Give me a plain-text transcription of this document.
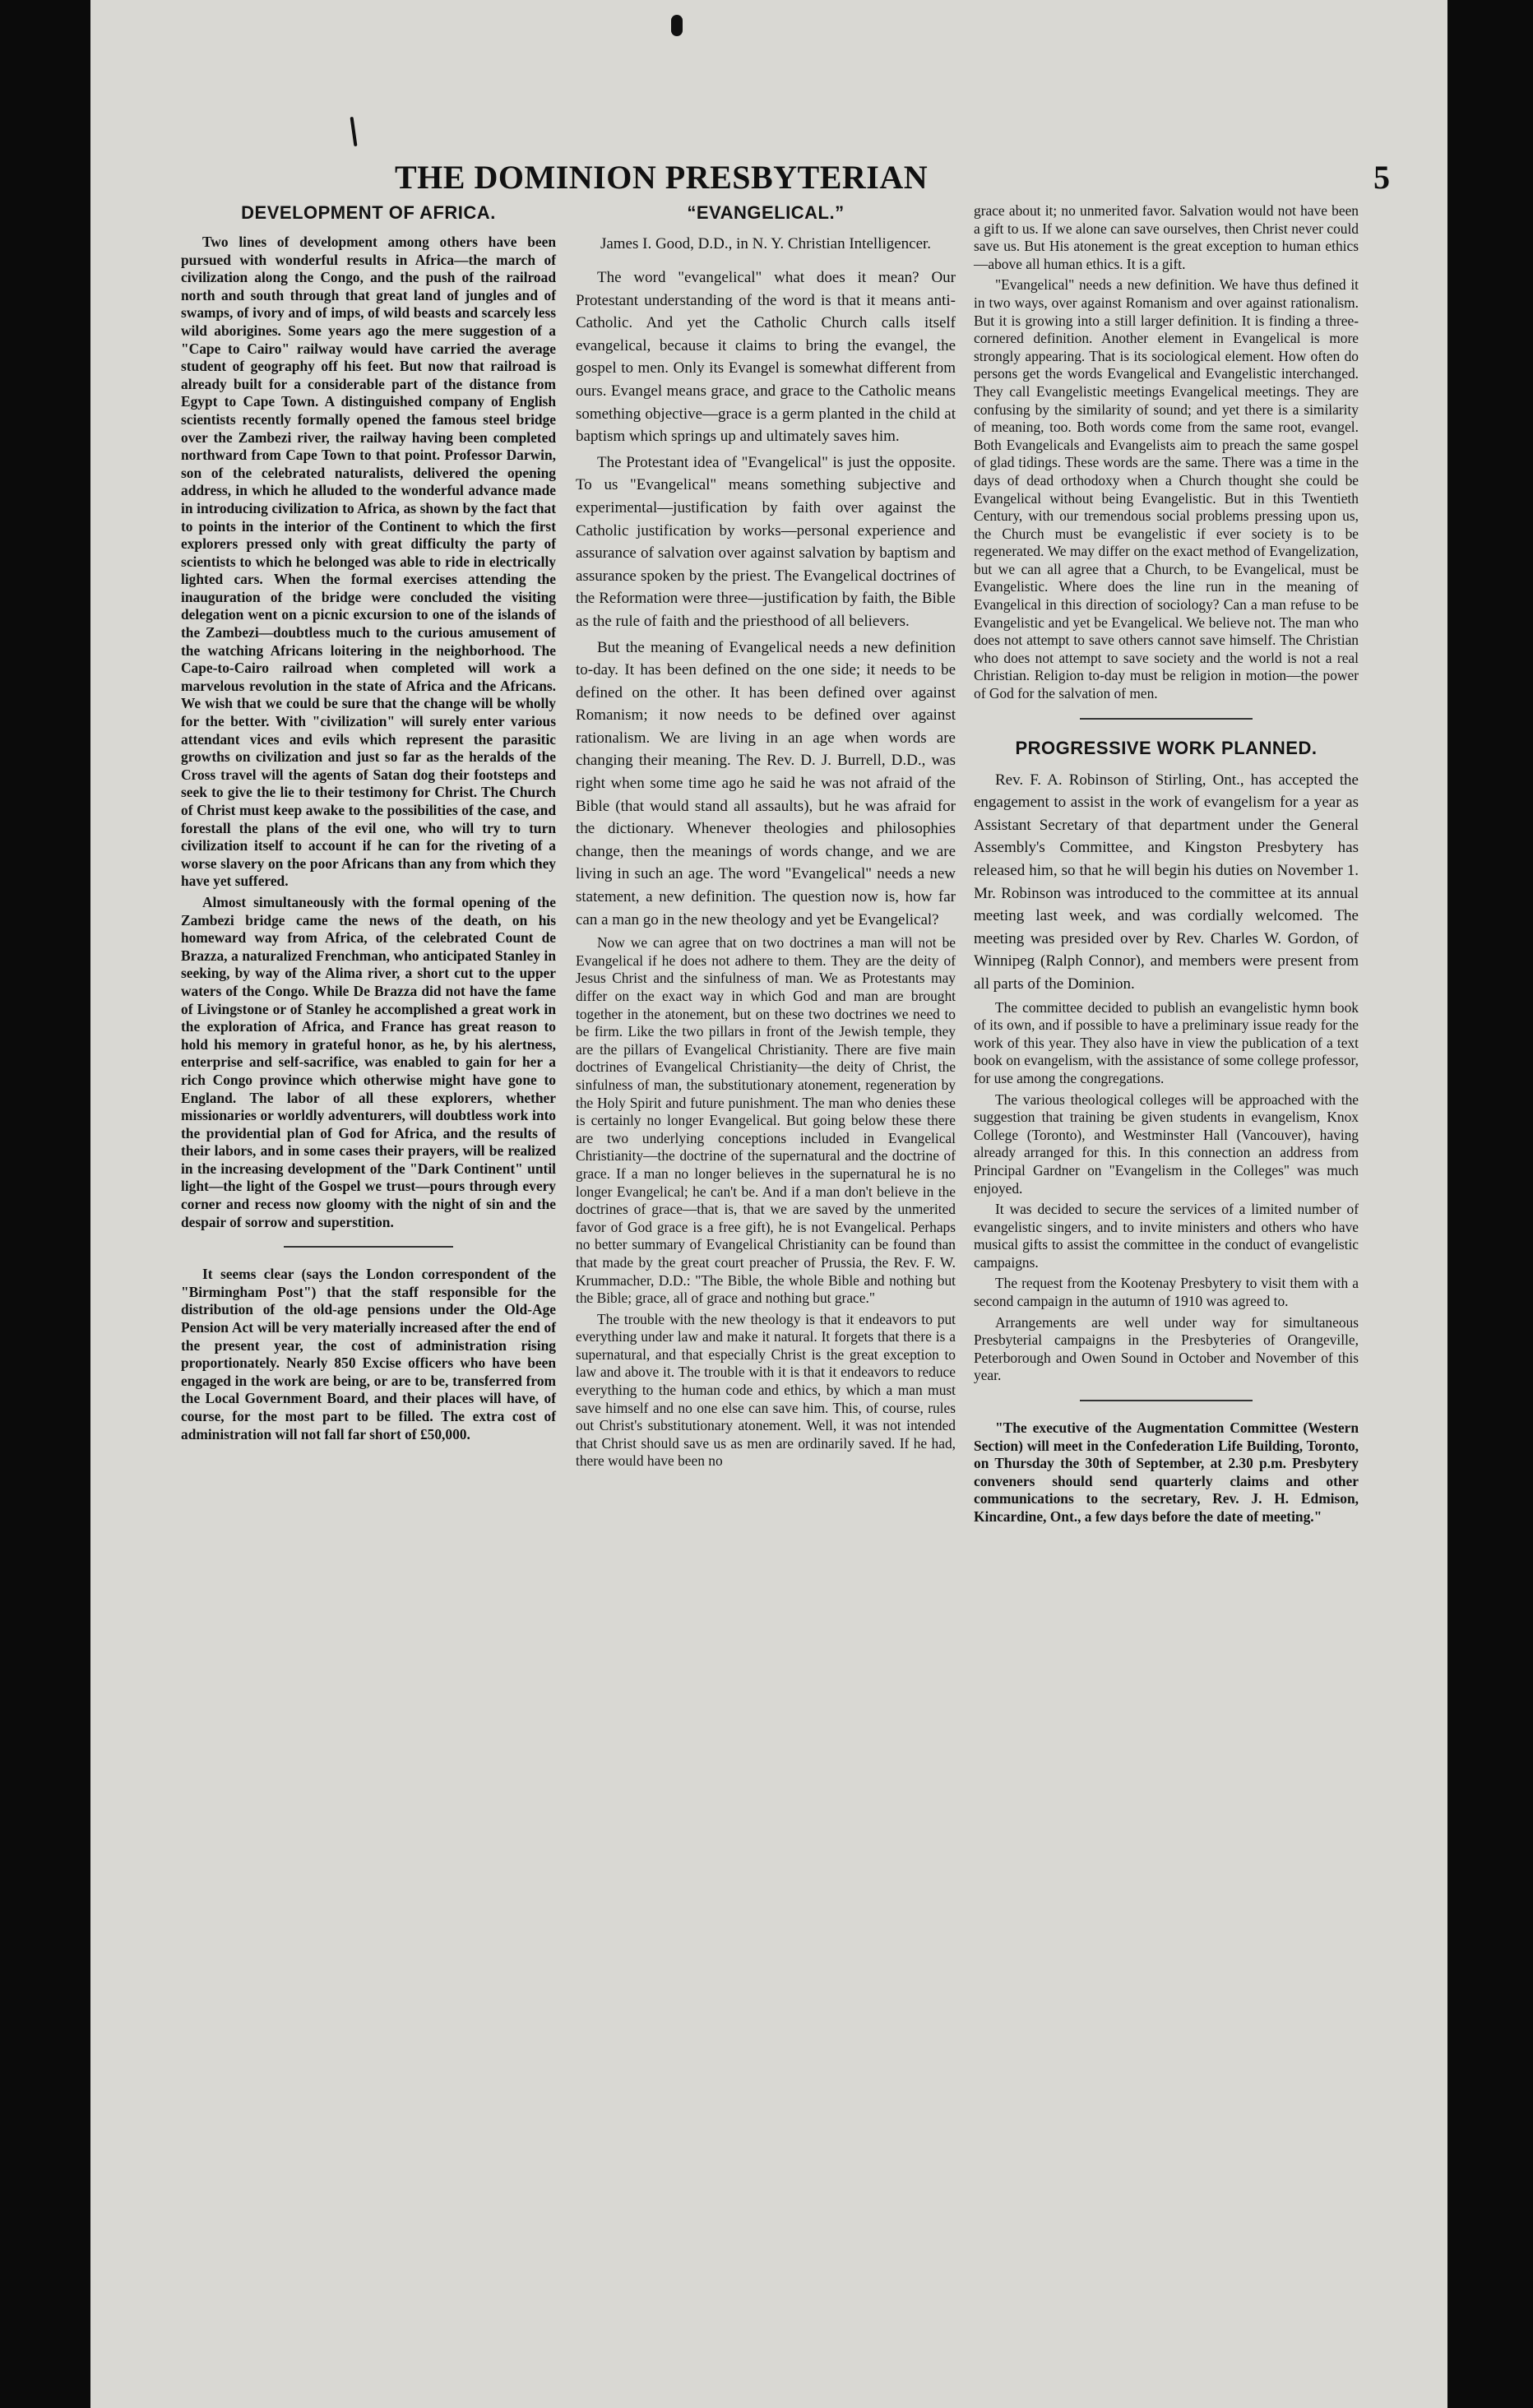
THE DOMINION PRESBYTERIAN	5
DEVELOPMENT OF AFRICA.

Two lines of development among others have been pursued with wonderful results in Africa—the march of civilization along the Congo, and the push of the railroad north and south through that great land of jungles and of swamps, of ivory and of imps, of wild beasts and scarcely less wild aborigines. Some years ago the mere suggestion of a "Cape to Cairo" railway would have carried the average student of geography off his feet. But now that railroad is already built for a considerable part of the distance from Egypt to Cape Town. A distinguished company of English scientists recently formally opened the famous steel bridge over the Zambezi river, the railway having been completed northward from Cape Town to that point. Professor Darwin, son of the celebrated naturalists, delivered the opening address, in which he alluded to the wonderful advance made in introducing civilization to Africa, as shown by the fact that to points in the interior of the Continent to which the first explorers pressed only with great difficulty the party of scientists to which he belonged was able to ride in electrically lighted cars. When the formal exercises attending the inauguration of the bridge were concluded the visiting delegation went on a picnic excursion to one of the islands of the Zambezi—doubtless much to the curious amusement of the watching Africans loitering in the neighborhood. The Cape-to-Cairo railroad when completed will work a marvelous revolution in the state of Africa and the Africans. We wish that we could be sure that the change will be wholly for the better. With "civilization" will surely enter various attendant vices and evils which represent the parasitic growths on civilization and just so far as the heralds of the Cross travel will the agents of Satan dog their footsteps and seek to give the lie to their testimony for Christ. The Church of Christ must keep awake to the possibilities of the case, and forestall the plans of the evil one, who will try to turn civilization itself to account if he can for the riveting of a worse slavery on the poor Africans than any from which they have yet suffered.

Almost simultaneously with the formal opening of the Zambezi bridge came the news of the death, on his homeward way from Africa, of the celebrated Count de Brazza, a naturalized Frenchman, who anticipated Stanley in seeking, by way of the Alima river, a short cut to the upper waters of the Congo. While De Brazza did not have the fame of Livingstone or of Stanley he accomplished a great work in the exploration of Africa, and France has great reason to hold his memory in grateful honor, as he, by his alertness, enterprise and self-sacrifice, was enabled to gain for her a rich Congo province which otherwise might have gone to England. The labor of all these explorers, whether missionaries or worldly adventurers, will doubtless work into the providential plan of God for Africa, and the results of their labors, and in some cases their prayers, will be realized in the increasing development of the "Dark Continent" until light—the light of the Gospel we trust—pours through every corner and recess now gloomy with the night of sin and the despair of sorrow and superstition.

It seems clear (says the London correspondent of the "Birmingham Post") that the staff responsible for the distribution of the old-age pensions under the Old-Age Pension Act will be very materially increased after the end of the present year, the cost of administration rising proportionately. Nearly 850 Excise officers who have been engaged in the work are being, or are to be, transferred from the Local Government Board, and their places will have, of course, for the most part to be filled. The extra cost of administration will not fall far short of £50,000.

“EVANGELICAL.”
James I. Good, D.D., in N. Y. Christian Intelligencer.

The word "evangelical" what does it mean? Our Protestant understanding of the word is that it means anti-Catholic. And yet the Catholic Church calls itself evangelical, because it claims to bring the evangel, the gospel to men. Only its Evangel is somewhat different from ours. Evangel means grace, and grace to the Catholic means something objective—grace is a germ planted in the child at baptism which springs up and ultimately saves him.

The Protestant idea of "Evangelical" is just the opposite. To us "Evangelical" means something subjective and experimental—justification by faith over against the Catholic justification by works—personal experience and assurance of salvation over against salvation by baptism and assurance spoken by the priest. The Evangelical doctrines of the Reformation were three—justification by faith, the Bible as the rule of faith and the priesthood of all believers.

But the meaning of Evangelical needs a new definition to-day. It has been defined on the one side; it needs to be defined on the other. It has been defined over against Romanism; it now needs to be defined over against rationalism. We are living in an age when words are changing their meaning. The Rev. D. J. Burrell, D.D., was right when some time ago he said he was not afraid of the Bible (that would stand all assaults), but he was afraid for the dictionary. Whenever theologies and philosophies change, then the meanings of words change, and we are living in such an age. The word "Evangelical" needs a new statement, a new definition. The question now is, how far can a man go in the new theology and yet be Evangelical?

Now we can agree that on two doctrines a man will not be Evangelical if he does not adhere to them. They are the deity of Jesus Christ and the sinfulness of man. We as Protestants may differ on the exact way in which God and man are brought together in the atonement, but on these two doctrines we need to be firm. Like the two pillars in front of the Jewish temple, they are the pillars of Evangelical Christianity. There are five main doctrines of Evangelical Christianity—the deity of Christ, the sinfulness of man, the substitutionary atonement, regeneration by the Holy Spirit and future punishment. The man who denies these is certainly no longer Evangelical. But going below these there are two underlying conceptions included in Evangelical Christianity—the doctrine of the supernatural and the doctrine of grace. If a man no longer believes in the supernatural he is no longer Evangelical; he can't be. And if a man don't believe in the doctrines of grace—that is, that we are saved by the unmerited favor of God grace is a free gift), he is not Evangelical. Perhaps no better summary of Evangelical Christianity can be found than that made by the great court preacher of Prussia, the Rev. F. W. Krummacher, D.D.: "The Bible, the whole Bible and nothing but the Bible; grace, all of grace and nothing but grace."

The trouble with the new theology is that it endeavors to put everything under law and make it natural. It forgets that there is a supernatural, and that especially Christ is the great exception to law and above it. The trouble with it is that it endeavors to reduce everything to the human code and ethics, by which a man must save himself and no one else can save him. This, of course, rules out Christ's substitutionary atonement. Well, it was not intended that Christ should save us as men are ordinarily saved. If he had, there would have been no

grace about it; no unmerited favor. Salvation would not have been a gift to us. If we alone can save ourselves, then Christ never could save us. But His atonement is the great exception to human ethics—above all human ethics. It is a gift.

"Evangelical" needs a new definition. We have thus defined it in two ways, over against Romanism and over against rationalism. But it is growing into a still larger definition. It is finding a three-cornered definition. Another element in Evangelical is more strongly appearing. That is its sociological element. How often do persons get the words Evangelical and Evangelistic interchanged. They call Evangelistic meetings Evangelical meetings. They are confusing by the similarity of sound; and yet there is a similarity of meaning, too. Both words come from the same root, evangel. Both Evangelicals and Evangelists aim to preach the same gospel of glad tidings. These words are the same. There was a time in the days of dead orthodoxy when a Church thought she could be Evangelical without being Evangelistic. But in this Twentieth Century, with our tremendous social problems pressing upon us, the Church must be evangelistic if ever society is to be regenerated. We may differ on the exact method of Evangelization, but we can all agree that a Church, to be Evangelical, must be Evangelistic. Where does the line run in the meaning of Evangelical in this direction of sociology? Can a man refuse to be Evangelistic and yet be Evangelical. We believe not. The man who does not attempt to save others cannot save himself. The Christian who does not attempt to save society and the world is not a real Christian. Religion to-day must be religion in motion—the power of God for the salvation of men.

PROGRESSIVE WORK PLANNED.

Rev. F. A. Robinson of Stirling, Ont., has accepted the engagement to assist in the work of evangelism for a year as Assistant Secretary of that department under the General Assembly's Committee, and Kingston Presbytery has released him, so that he will begin his duties on November 1. Mr. Robinson was introduced to the committee at its annual meeting last week, and was cordially welcomed. The meeting was presided over by Rev. Charles W. Gordon, of Winnipeg (Ralph Connor), and members were present from all parts of the Dominion.

The committee decided to publish an evangelistic hymn book of its own, and if possible to have a preliminary issue ready for the work of this year. They also have in view the publication of a text book on evangelism, with the assistance of some college professor, for use among the congregations.

The various theological colleges will be approached with the suggestion that training be given students in evangelism, Knox College (Toronto), and Westminster Hall (Vancouver), having already arranged for this. In this connection an address from Principal Gardner on "Evangelism in the Colleges" was much enjoyed.

It was decided to secure the services of a limited number of evangelistic singers, and to invite ministers and others who have musical gifts to assist the committee in the conduct of evangelistic campaigns.

The request from the Kootenay Presbytery to visit them with a second campaign in the autumn of 1910 was agreed to.

Arrangements are well under way for simultaneous Presbyterial campaigns in the Presbyteries of Orangeville, Peterborough and Owen Sound in October and November of this year.

"The executive of the Augmentation Committee (Western Section) will meet in the Confederation Life Building, Toronto, on Thursday the 30th of September, at 2.30 p.m. Presbytery conveners should send quarterly claims and other communications to the secretary, Rev. J. H. Edmison, Kincardine, Ont., a few days before the date of meeting."
